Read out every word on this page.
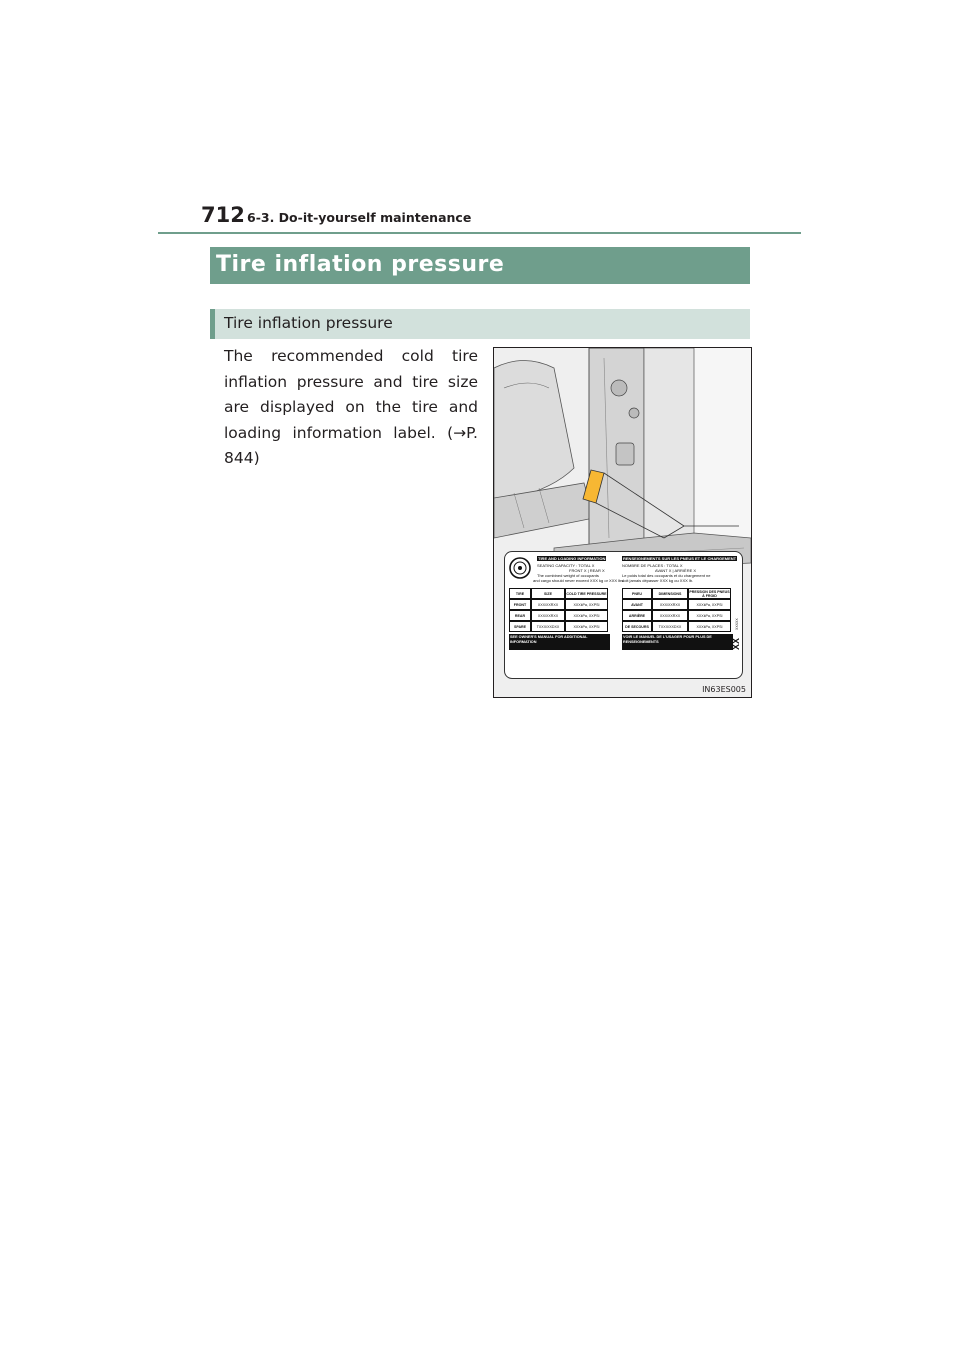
712 6-3. Do-it-yourself maintenance
Tire inflation pressure
Tire inflation pressure
The recommended cold tire inflation pressure and tire size are displayed on the tire and loading information label. (→P. 844)
TIRE AND LOADING INFORMATION	RENSEIGNEMENTS SUR LES PNEUS ET LE CHARGEMENT
SEATING CAPACITY : TOTAL X
FRONT X | REAR X
The combined weight of occupants
and cargo should never exceed XXX kg or XXX lbs.
NOMBRE DE PLACES : TOTAL X
AVANT X | ARRIÈRE X
Le poids total des occupants et du chargement ne
doit jamais dépasser XXX kg ou XXX lb.
TIRE	SIZE	COLD TIRE PRESSURE
FRONT	XXX/XXRXX	XXXkPa, XXPSI
REAR	XXX/XXRXX	XXXkPa, XXPSI
SPARE	TXXX/XXDXX	XXXkPa, XXPSI
SEE OWNER'S MANUAL FOR ADDITIONAL INFORMATION
PNEU	DIMENSIONS	PRESSION DES PNEUS À FROID
AVANT	XXX/XXRXX	XXXkPa, XXPSI
ARRIÈRE	XXX/XXRXX	XXXkPa, XXPSI
DE SECOURS	TXXX/XXDXX	XXXkPa, XXPSI
VOIR LE MANUEL DE L'USAGER POUR PLUS DE RENSEIGNEMENTS	XX
XXXXX
IN63ES005
